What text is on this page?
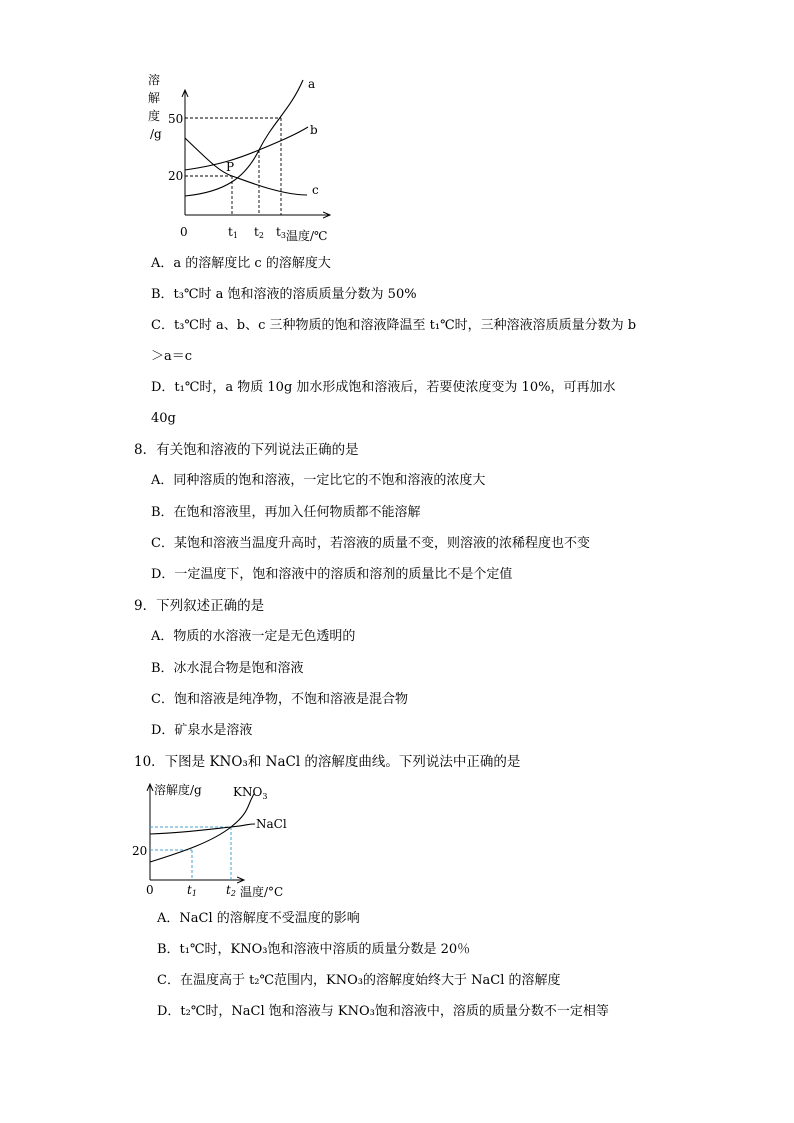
溶
解
度
/g
50
20
0
a
b
c
P
t1 t2 t3 温度/℃
A．a 的溶解度比 c 的溶解度大
B．t₃℃时 a 饱和溶液的溶质质量分数为 50%
C．t₃℃时 a、b、c 三种物质的饱和溶液降温至 t₁℃时，三种溶液溶质质量分数为 b
＞a＝c
D．t₁℃时，a 物质 10g 加水形成饱和溶液后，若要使浓度变为 10%，可再加水
40g
8．有关饱和溶液的下列说法正确的是
A．同种溶质的饱和溶液，一定比它的不饱和溶液的浓度大
B．在饱和溶液里，再加入任何物质都不能溶解
C．某饱和溶液当温度升高时，若溶液的质量不变，则溶液的浓稀程度也不变
D．一定温度下，饱和溶液中的溶质和溶剂的质量比不是个定值
9．下列叙述正确的是
A．物质的水溶液一定是无色透明的
B．冰水混合物是饱和溶液
C．饱和溶液是纯净物，不饱和溶液是混合物
D．矿泉水是溶液
10．下图是 KNO₃和 NaCl 的溶解度曲线。下列说法中正确的是
溶解度/g
20
0
$KNO_3$
NaCl
t1 t2 温度/°C
A．NaCl 的溶解度不受温度的影响
B．t₁℃时，KNO₃饱和溶液中溶质的质量分数是 20％
C．在温度高于 t₂℃范围内，KNO₃的溶解度始终大于 NaCl 的溶解度
D．t₂℃时，NaCl 饱和溶液与 KNO₃饱和溶液中，溶质的质量分数不一定相等
